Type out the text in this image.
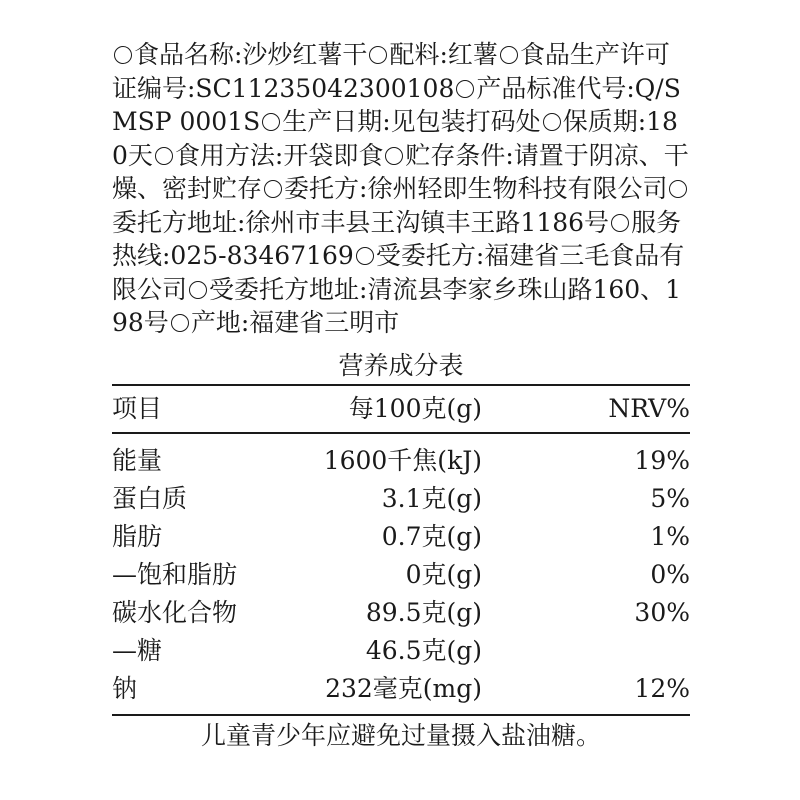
食品名称:沙炒红薯干 配料:红薯 食品生产许可证编号:SC11235042300108 产品标准代号:Q/SMSP 0001S 生产日期:见包装打码处 保质期:180天 食用方法:开袋即食 贮存条件:请置于阴凉、干燥、密封贮存 委托方:徐州轻即生物科技有限公司委托方地址:徐州市丰县王沟镇丰王路1186号 服务热线:025-83467169 受委托方:福建省三毛食品有限公司 受委托方地址:清流县李家乡珠山路160、198号 产地:福建省三明市

营养成分表
项目	每100克(g)	NRV%
能量	1600千焦(kJ)	19%
蛋白质	3.1克(g)	5%
脂肪	0.7克(g)	1%
—饱和脂肪	0克(g)	0%
碳水化合物	89.5克(g)	30%
—糖	46.5克(g)
钠	232毫克(mg)	12%
儿童青少年应避免过量摄入盐油糖。
